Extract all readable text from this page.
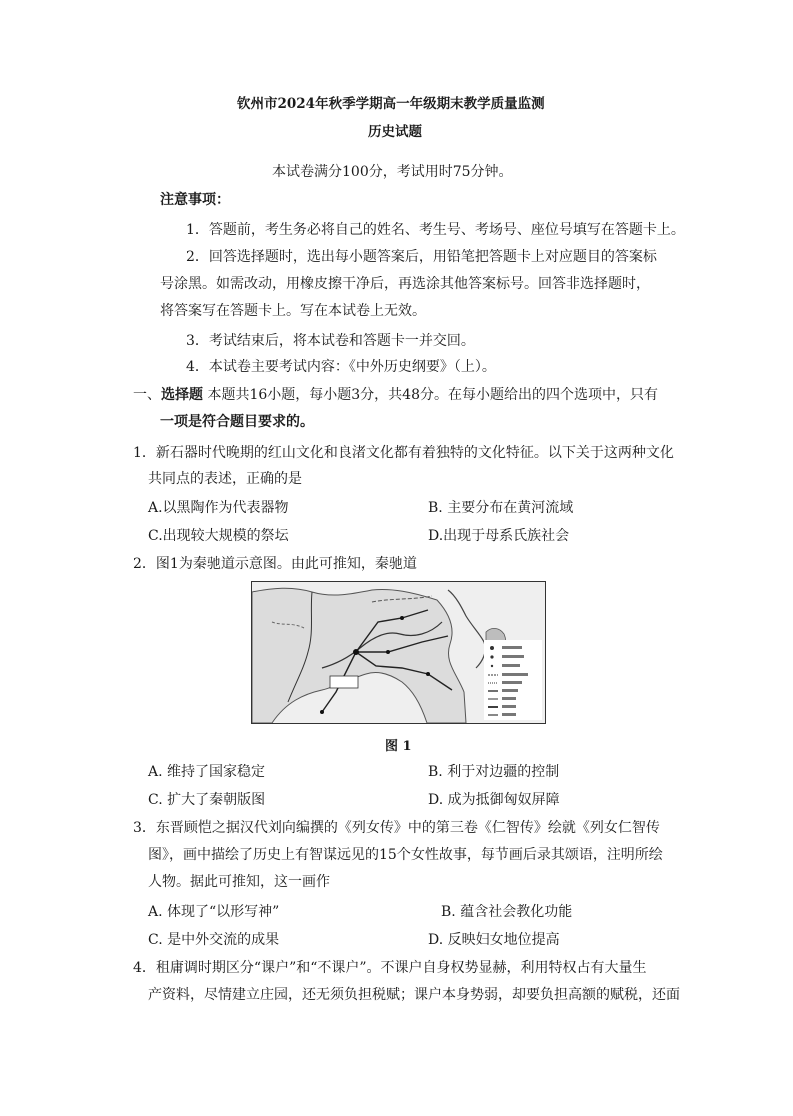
钦州市2024年秋季学期高一年级期末教学质量监测
历史试题
本试卷满分100分，考试用时75分钟。
注意事项：
1．答题前，考生务必将自己的姓名、考生号、考场号、座位号填写在答题卡上。
2．回答选择题时，选出每小题答案后，用铅笔把答题卡上对应题目的答案标
号涂黑。如需改动，用橡皮擦干净后，再选涂其他答案标号。回答非选择题时，
将答案写在答题卡上。写在本试卷上无效。
3．考试结束后，将本试卷和答题卡一并交回。
4．本试卷主要考试内容：《中外历史纲要》（上）。
一、选择题 本题共16小题，每小题3分，共48分。在每小题给出的四个选项中，只有
一项是符合题目要求的。
1．新石器时代晚期的红山文化和良渚文化都有着独特的文化特征。以下关于这两种文化
共同点的表述，正确的是
A.以黑陶作为代表器物	B. 主要分布在黄河流域
C.出现较大规模的祭坛	D.出现于母系氏族社会
2．图1为秦驰道示意图。由此可推知，秦驰道
图 1
A. 维持了国家稳定	B. 利于对边疆的控制
C. 扩大了秦朝版图	D. 成为抵御匈奴屏障
3．东晋顾恺之据汉代刘向编撰的《列女传》中的第三卷《仁智传》绘就《列女仁智传
图》，画中描绘了历史上有智谋远见的15个女性故事，每节画后录其颂语，注明所绘
人物。据此可推知，这一画作
A. 体现了“以形写神”	B. 蕴含社会教化功能
C. 是中外交流的成果	D. 反映妇女地位提高
4．租庸调时期区分“课户”和“不课户”。不课户自身权势显赫，利用特权占有大量生
产资料，尽情建立庄园，还无须负担税赋；课户本身势弱，却要负担高额的赋税，还面
